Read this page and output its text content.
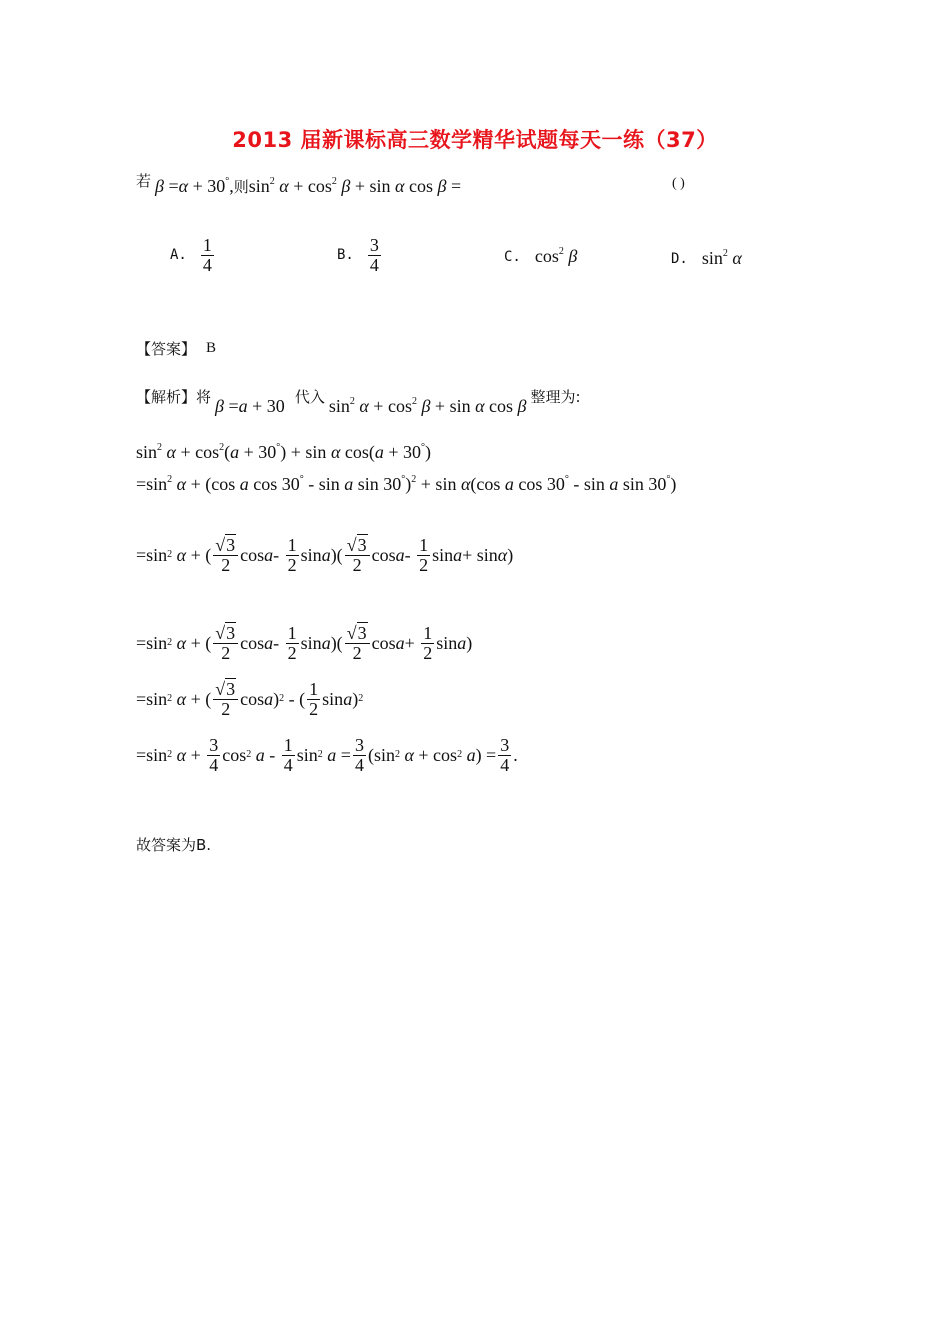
2013 届新课标高三数学精华试题每天一练（37）
若 β =α + 30°,则$\sin^2 \alpha + \cos^2 \beta + \sin \alpha$ cos β =	( )
A. $\frac{1}{4}$	B. $\frac{3}{4}$	C. $\cos^2 \beta$	D. $\sin^2 \alpha$
【答案】 B
【解析】 将 β =a + 30 代入 $\sin^2 \alpha + \cos^2 \beta + \sin \alpha$ cos β 整理为:
$\sin^2 \alpha + \cos^2(a + 30^\circ) + \sin \alpha$ cos(a + 30°)
$=\sin^2$ α + (cos a cos 30° - sin a sin 30°)$^2$ + sin α(cos a cos 30° - sin a sin 30°)
=sin 2
α + ( $\frac{√3}{2}$ cos a - $\frac{1}{2}$ sin a )( $\frac{√3}{2}$ cos a - $\frac{1}{2}$ sin a + sin α )
=sin 2
α + ( $\frac{√3}{2}$ cos a - $\frac{1}{2}$ sin a )( $\frac{√3}{2}$ $\cos a + \frac{1}{2}$ sin a )
=sin 2
α + ( $\frac{√3}{2}$ cos a ) 2 - ( $\frac{1}{2}$ sin a ) 2
=sin 2
$\alpha + \frac{3}{4}$ cos 2
a - $\frac{1}{4}$ sin 2
$a = \frac{3}{4} (\sin$ 2
α + cos 2
a ) = $\frac{3}{4}$ .
故答案为B.
